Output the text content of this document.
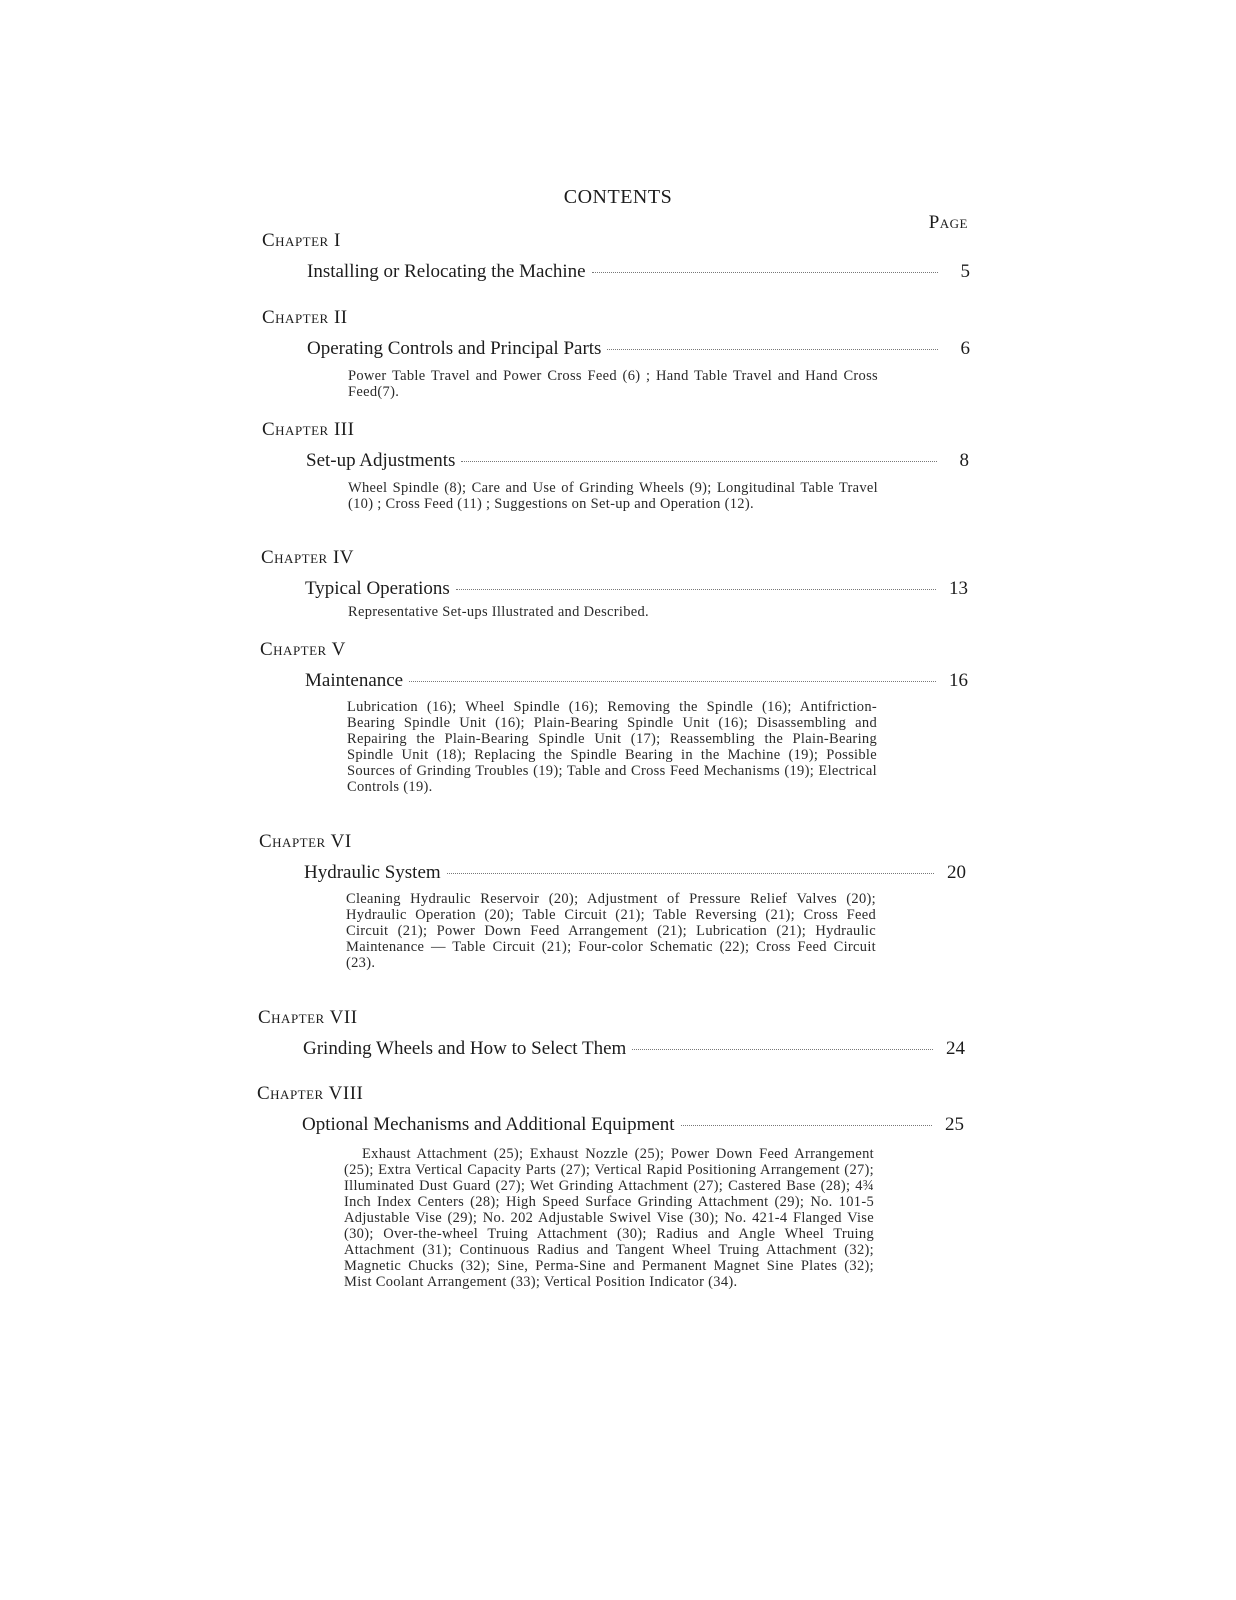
CONTENTS
Page
Chapter I
Installing or Relocating the Machine	5
Chapter II
Operating Controls and Principal Parts	6
Power Table Travel and Power Cross Feed (6) ; Hand Table Travel and Hand Cross Feed(7).
Chapter III
Set-up Adjustments	8
Wheel Spindle (8); Care and Use of Grinding Wheels (9); Longitudinal Table Travel (10) ; Cross Feed (11) ; Suggestions on Set-up and Operation (12).
Chapter IV
Typical Operations	13
Representative Set-ups Illustrated and Described.
Chapter V
Maintenance	16
Lubrication (16); Wheel Spindle (16); Removing the Spindle (16); Antifriction-Bearing Spindle Unit (16); Plain-Bearing Spindle Unit (16); Disassembling and Repairing the Plain-Bearing Spindle Unit (17); Reassembling the Plain-Bearing Spindle Unit (18); Replacing the Spindle Bearing in the Machine (19); Possible Sources of Grinding Troubles (19); Table and Cross Feed Mechanisms (19); Electrical Controls (19).
Chapter VI
Hydraulic System	20
Cleaning Hydraulic Reservoir (20); Adjustment of Pressure Relief Valves (20); Hydraulic Operation (20); Table Circuit (21); Table Reversing (21); Cross Feed Circuit (21); Power Down Feed Arrangement (21); Lubrication (21); Hydraulic Maintenance — Table Circuit (21); Four-color Schematic (22); Cross Feed Circuit (23).
Chapter VII
Grinding Wheels and How to Select Them	24
Chapter VIII
Optional Mechanisms and Additional Equipment	25
Exhaust Attachment (25); Exhaust Nozzle (25); Power Down Feed Arrangement (25); Extra Vertical Capacity Parts (27); Vertical Rapid Positioning Arrangement (27); Illuminated Dust Guard (27); Wet Grinding Attachment (27); Castered Base (28); 4¾ Inch Index Centers (28); High Speed Surface Grinding Attachment (29); No. 101-5 Adjustable Vise (29); No. 202 Adjustable Swivel Vise (30); No. 421-4 Flanged Vise (30); Over-the-wheel Truing Attachment (30); Radius and Angle Wheel Truing Attachment (31); Continuous Radius and Tangent Wheel Truing Attachment (32); Magnetic Chucks (32); Sine, Perma-Sine and Permanent Magnet Sine Plates (32); Mist Coolant Arrangement (33); Vertical Position Indicator (34).
